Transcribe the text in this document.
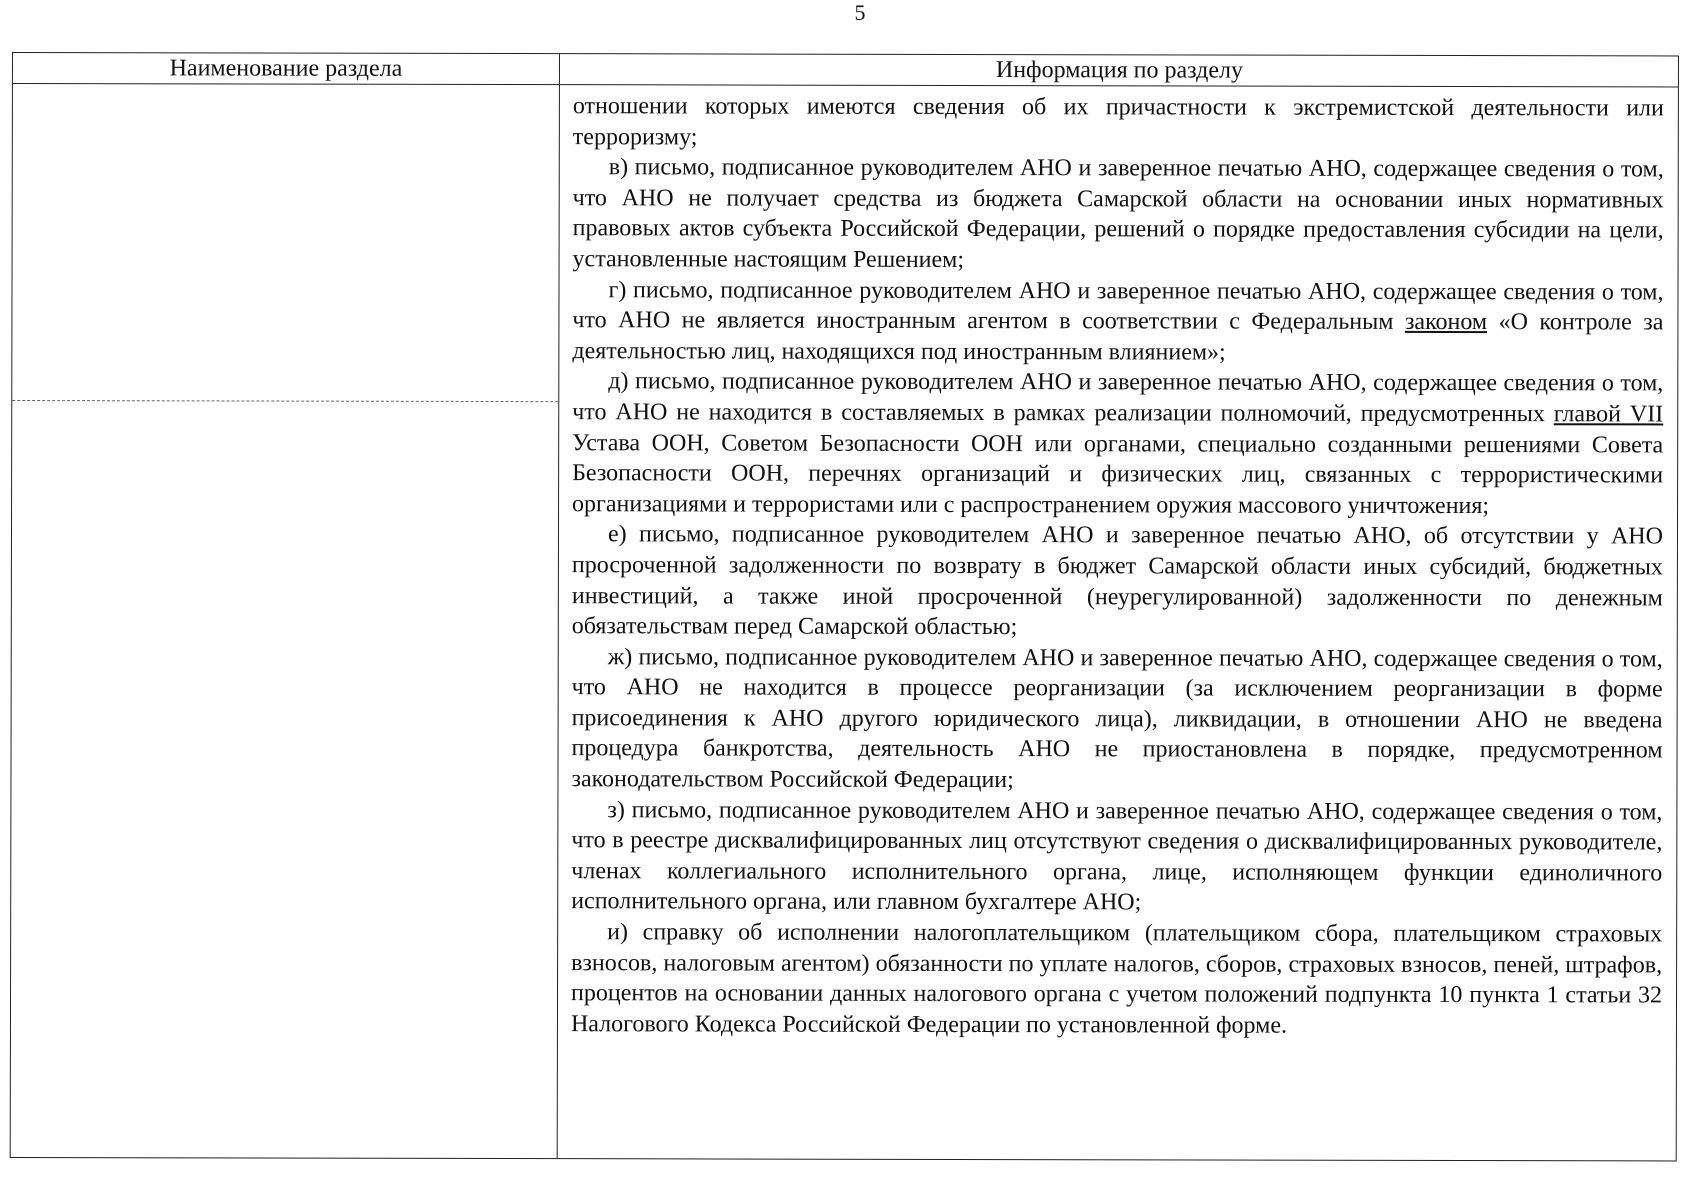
5
Наименование раздела	Информация по разделу

отношении которых имеются сведения об их причастности к экстремистской деятельности или терроризму;

в) письмо, подписанное руководителем АНО и заверенное печатью АНО, содержащее сведения о том, что АНО не получает средства из бюджета Самарской области на основании иных нормативных правовых актов субъекта Российской Федерации, решений о порядке предоставления субсидии на цели, установленные настоящим Решением;

г) письмо, подписанное руководителем АНО и заверенное печатью АНО, содержащее сведения о том, что АНО не является иностранным агентом в соответствии с Федеральным законом «О контроле за деятельностью лиц, находящихся под иностранным влиянием»;

д) письмо, подписанное руководителем АНО и заверенное печатью АНО, содержащее сведения о том, что АНО не находится в составляемых в рамках реализации полномочий, предусмотренных главой VII Устава ООН, Советом Безопасности ООН или органами, специально созданными решениями Совета Безопасности ООН, перечнях организаций и физических лиц, связанных с террористическими организациями и террористами или с распространением оружия массового уничтожения;

е) письмо, подписанное руководителем АНО и заверенное печатью АНО, об отсутствии у АНО просроченной задолженности по возврату в бюджет Самарской области иных субсидий, бюджетных инвестиций, а также иной просроченной (неурегулированной) задолженности по денежным обязательствам перед Самарской областью;

ж) письмо, подписанное руководителем АНО и заверенное печатью АНО, содержащее сведения о том, что АНО не находится в процессе реорганизации (за исключением реорганизации в форме присоединения к АНО другого юридического лица), ликвидации, в отношении АНО не введена процедура банкротства, деятельность АНО не приостановлена в порядке, предусмотренном законодательством Российской Федерации;

з) письмо, подписанное руководителем АНО и заверенное печатью АНО, содержащее сведения о том, что в реестре дисквалифицированных лиц отсутствуют сведения о дисквалифицированных руководителе, членах коллегиального исполнительного органа, лице, исполняющем функции единоличного исполнительного органа, или главном бухгалтере АНО;

и) справку об исполнении налогоплательщиком (плательщиком сбора, плательщиком страховых взносов, налоговым агентом) обязанности по уплате налогов, сборов, страховых взносов, пеней, штрафов, процентов на основании данных налогового органа с учетом положений подпункта 10 пункта 1 статьи 32 Налогового Кодекса Российской Федерации по установленной форме.
